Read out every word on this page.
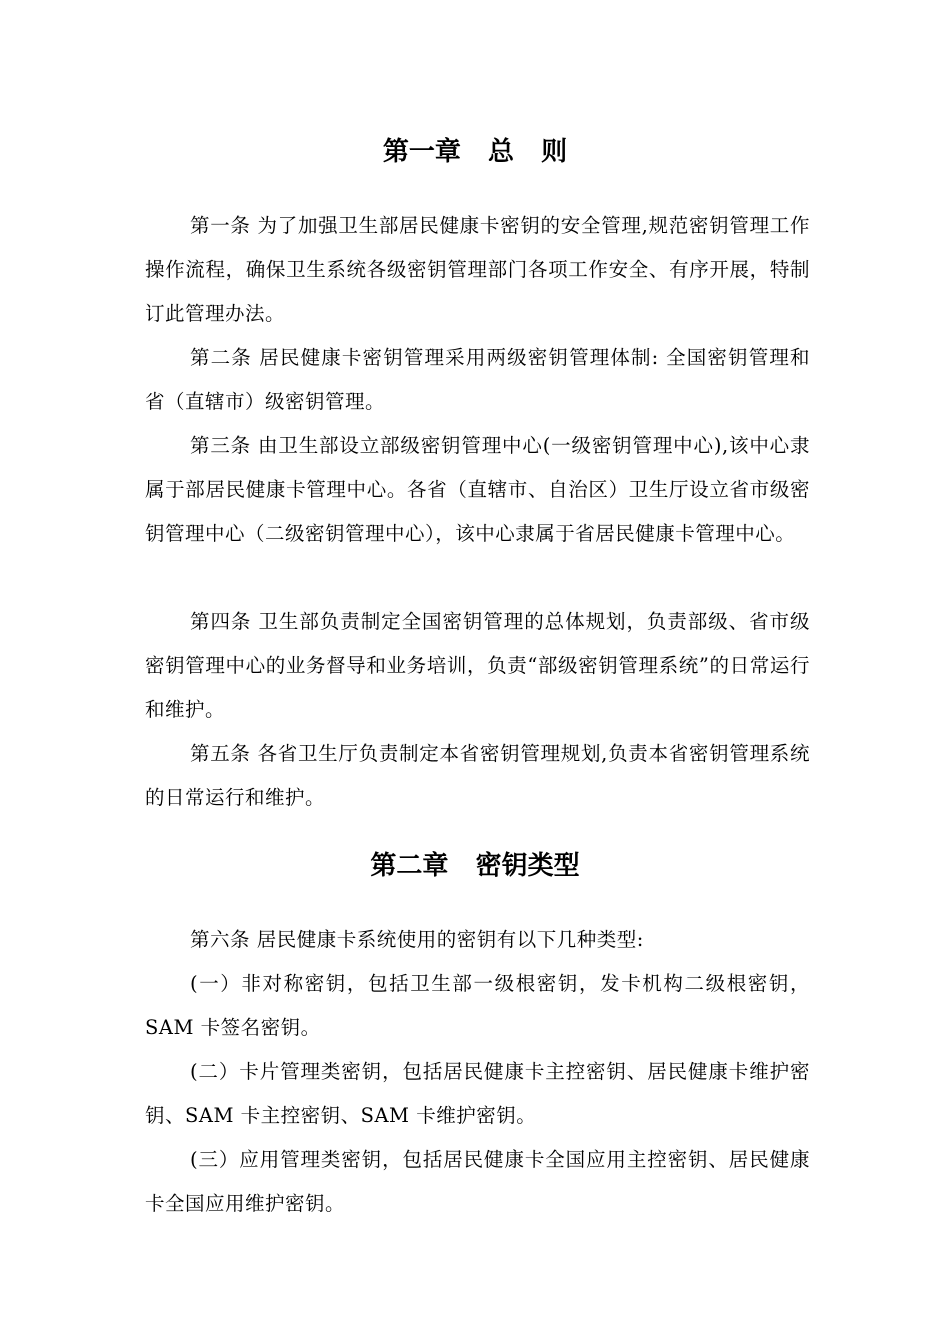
第一章   总   则

第一条 为了加强卫生部居民健康卡密钥的安全管理,规范密钥管理工作操作流程，确保卫生系统各级密钥管理部门各项工作安全、有序开展，特制订此管理办法。

第二条 居民健康卡密钥管理采用两级密钥管理体制: 全国密钥管理和省（直辖市）级密钥管理。

第三条 由卫生部设立部级密钥管理中心(一级密钥管理中心),该中心隶属于部居民健康卡管理中心。各省（直辖市、自治区）卫生厅设立省市级密钥管理中心（二级密钥管理中心），该中心隶属于省居民健康卡管理中心。

第四条 卫生部负责制定全国密钥管理的总体规划，负责部级、省市级密钥管理中心的业务督导和业务培训，负责“部级密钥管理系统”的日常运行和维护。

第五条 各省卫生厅负责制定本省密钥管理规划,负责本省密钥管理系统的日常运行和维护。

第二章   密钥类型

第六条 居民健康卡系统使用的密钥有以下几种类型:

(一）非对称密钥，包括卫生部一级根密钥，发卡机构二级根密钥，SAM 卡签名密钥。

(二）卡片管理类密钥，包括居民健康卡主控密钥、居民健康卡维护密钥、SAM 卡主控密钥、SAM 卡维护密钥。

(三）应用管理类密钥，包括居民健康卡全国应用主控密钥、居民健康卡全国应用维护密钥。
